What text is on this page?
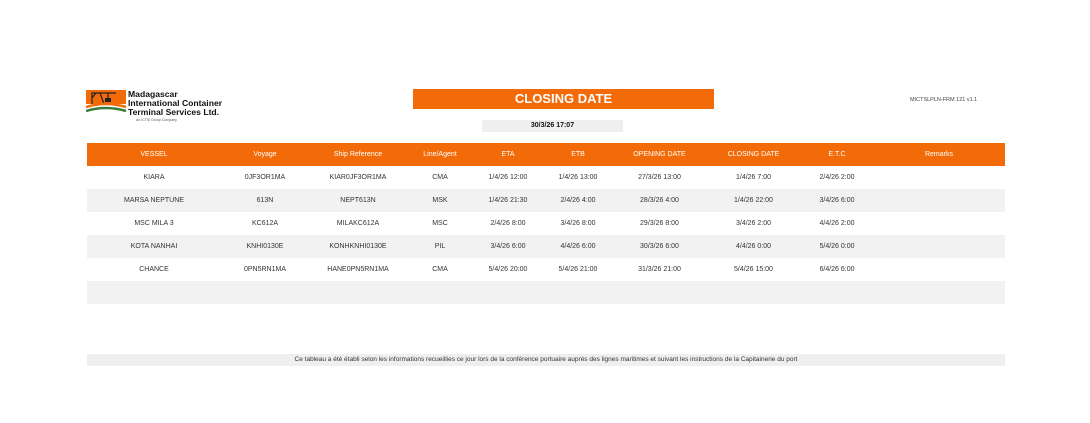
Madagascar
International Container
Terminal Services Ltd.
An ICTSI Group Company
CLOSING DATE	MICTSLPLN-FRM 121 v1.1
30/3/26 17:07
VESSEL	Voyage	Ship Reference	Line/Agent	ETA	ETB	OPENING DATE	CLOSING DATE	E.T.C	Remarks
KIARA	0JF3OR1MA	KIAR0JF3OR1MA	CMA	1/4/26 12:00	1/4/26 13:00	27/3/26 13:00	1/4/26 7:00	2/4/26 2:00	
MARSA NEPTUNE	613N	NEPT613N	MSK	1/4/26 21:30	2/4/26 4:00	28/3/26 4:00	1/4/26 22:00	3/4/26 6:00	
MSC MILA 3	KC612A	MILAKC612A	MSC	2/4/26 8:00	3/4/26 8:00	29/3/26 8:00	3/4/26 2:00	4/4/26 2:00	
KOTA NANHAI	KNHI0130E	KONHKNHI0130E	PIL	3/4/26 6:00	4/4/26 6:00	30/3/26 6:00	4/4/26 0:00	5/4/26 0:00	
CHANCE	0PN5RN1MA	HANE0PN5RN1MA	CMA	5/4/26 20:00	5/4/26 21:00	31/3/26 21:00	5/4/26 15:00	6/4/26 6:00	

Ce tableau a été établi selon les informations recueillies ce jour lors de la conférence portuaire auprès des lignes maritimes et suivant les instructions de la Capitainerie du port
